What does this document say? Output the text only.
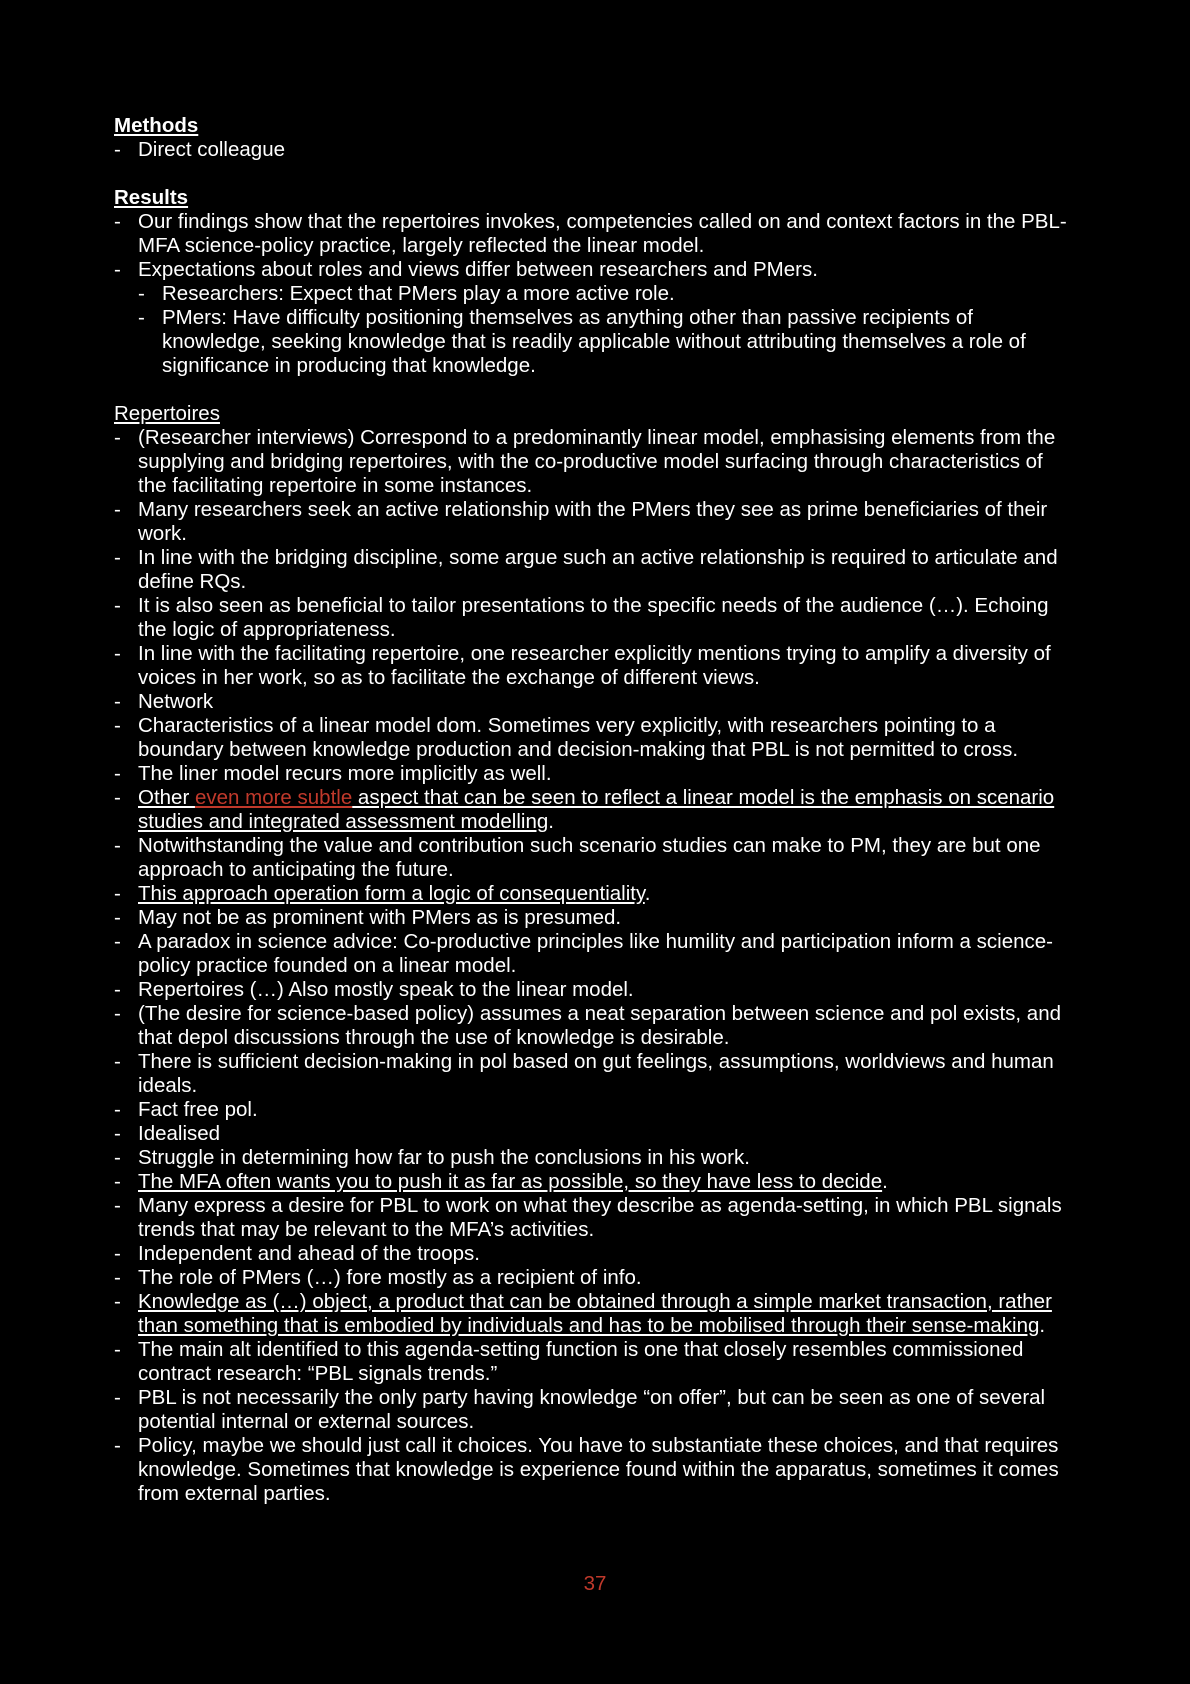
Methods
- Direct colleague
Results
- Our findings show that the repertoires invokes, competencies called on and context factors in the PBL-MFA science-policy practice, largely reflected the linear model.
- Expectations about roles and views differ between researchers and PMers.
- Researchers: Expect that PMers play a more active role.
- PMers: Have difficulty positioning themselves as anything other than passive recipients of knowledge, seeking knowledge that is readily applicable without attributing themselves a role of significance in producing that knowledge.
Repertoires
- (Researcher interviews) Correspond to a predominantly linear model, emphasising elements from the supplying and bridging repertoires, with the co-productive model surfacing through characteristics of the facilitating repertoire in some instances.
- Many researchers seek an active relationship with the PMers they see as prime beneficiaries of their work.
- In line with the bridging discipline, some argue such an active relationship is required to articulate and define RQs.
- It is also seen as beneficial to tailor presentations to the specific needs of the audience (…). Echoing the logic of appropriateness.
- In line with the facilitating repertoire, one researcher explicitly mentions trying to amplify a diversity of voices in her work, so as to facilitate the exchange of different views.
- Network
- Characteristics of a linear model dom. Sometimes very explicitly, with researchers pointing to a boundary between knowledge production and decision-making that PBL is not permitted to cross.
- The liner model recurs more implicitly as well.
- Other even more subtle aspect that can be seen to reflect a linear model is the emphasis on scenario studies and integrated assessment modelling.
- Notwithstanding the value and contribution such scenario studies can make to PM, they are but one approach to anticipating the future.
- This approach operation form a logic of consequentiality.
- May not be as prominent with PMers as is presumed.
- A paradox in science advice: Co-productive principles like humility and participation inform a science-policy practice founded on a linear model.
- Repertoires (…) Also mostly speak to the linear model.
- (The desire for science-based policy) assumes a neat separation between science and pol exists, and that depol discussions through the use of knowledge is desirable.
- There is sufficient decision-making in pol based on gut feelings, assumptions, worldviews and human ideals.
- Fact free pol.
- Idealised
- Struggle in determining how far to push the conclusions in his work.
- The MFA often wants you to push it as far as possible, so they have less to decide.
- Many express a desire for PBL to work on what they describe as agenda-setting, in which PBL signals trends that may be relevant to the MFA’s activities.
- Independent and ahead of the troops.
- The role of PMers (…) fore mostly as a recipient of info.
- Knowledge as (…) object, a product that can be obtained through a simple market transaction, rather than something that is embodied by individuals and has to be mobilised through their sense-making.
- The main alt identified to this agenda-setting function is one that closely resembles commissioned contract research: “PBL signals trends.”
- PBL is not necessarily the only party having knowledge “on offer”, but can be seen as one of several potential internal or external sources.
- Policy, maybe we should just call it choices. You have to substantiate these choices, and that requires knowledge. Sometimes that knowledge is experience found within the apparatus, sometimes it comes from external parties.
37
